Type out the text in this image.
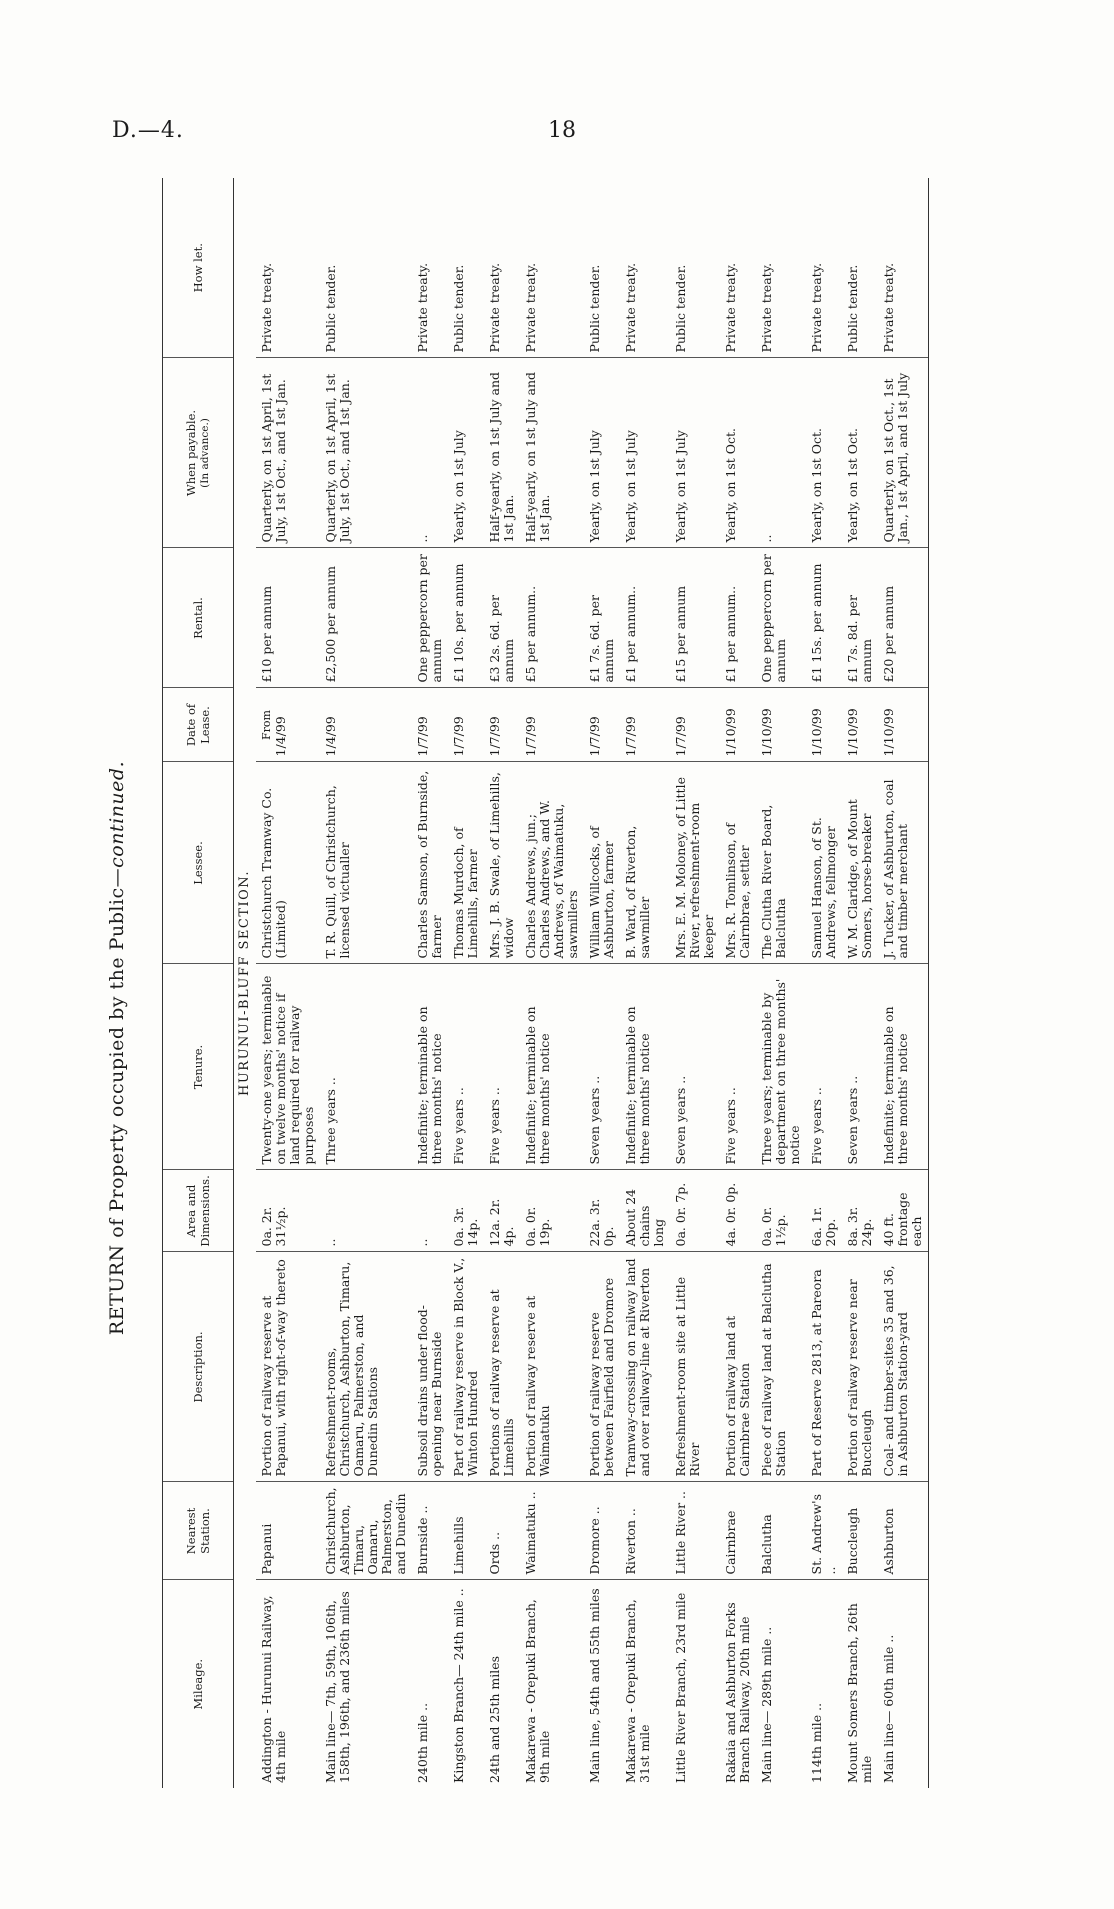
D.—4.	18
RETURN of Property occupied by the Public—continued.
Mileage.	Nearest Station.	Description.	Area and Dimensions.	Tenure.	Lessee.	Date of Lease.	Rental.	When payable. (In advance.)	How let.
HURUNUI-BLUFF SECTION.									
Addington - Hurunui Railway, 4th mile	Papanui	Portion of railway reserve at Papanui, with right-of-way thereto	0a. 2r. 31½p.	Twenty-one years; terminable on twelve months' notice if land required for railway purposes	Christchurch Tramway Co. (Limited)	From 1/4/99	£10 per annum	Quarterly, on 1st April, 1st July, 1st Oct., and 1st Jan.	Private treaty.
Main line— 7th, 59th, 106th, 158th, 196th, and 236th miles	Christchurch, Ashburton, Timaru, Oamaru, Palmerston, and Dunedin	Refreshment-rooms, Christchurch, Ashburton, Timaru, Oamaru, Palmerston, and Dunedin Stations	..	Three years ..	T. R. Quill, of Christchurch, licensed victualler	1/4/99	£2,500 per annum	Quarterly, on 1st April, 1st July, 1st Oct., and 1st Jan.	Public tender.
240th mile ..	Burnside ..	Subsoil drains under flood-opening near Burnside	..	Indefinite; terminable on three months' notice	Charles Samson, of Burnside, farmer	1/7/99	One peppercorn per annum	..	Private treaty.
Kingston Branch— 24th mile ..	Limehills	Part of railway reserve in Block V., Winton Hundred	0a. 3r. 14p.	Five years ..	Thomas Murdoch, of Limehills, farmer	1/7/99	£1 10s. per annum	Yearly, on 1st July	Public tender.
24th and 25th miles	Ords ..	Portions of railway reserve at Limehills	12a. 2r. 4p.	Five years ..	Mrs. J. B. Swale, of Limehills, widow	1/7/99	£3 2s. 6d. per annum	Half-yearly, on 1st July and 1st Jan.	Private treaty.
Makarewa - Orepuki Branch, 9th mile	Waimatuku ..	Portion of railway reserve at Waimatuku	0a. 0r. 19p.	Indefinite; terminable on three months' notice	Charles Andrews, jun.; Charles Andrews, and W. Andrews, of Waimatuku, sawmillers	1/7/99	£5 per annum..	Half-yearly, on 1st July and 1st Jan.	Private treaty.
Main line, 54th and 55th miles	Dromore ..	Portion of railway reserve between Fairfield and Dromore	22a. 3r. 0p.	Seven years ..	William Willcocks, of Ashburton, farmer	1/7/99	£1 7s. 6d. per annum	Yearly, on 1st July	Public tender.
Makarewa - Orepuki Branch, 31st mile	Riverton ..	Tramway-crossing on railway land and over railway-line at Riverton	About 24 chains long	Indefinite; terminable on three months' notice	B. Ward, of Riverton, sawmiller	1/7/99	£1 per annum..	Yearly, on 1st July	Private treaty.
Little River Branch, 23rd mile	Little River ..	Refreshment-room site at Little River	0a. 0r. 7p.	Seven years ..	Mrs. E. M. Moloney, of Little River, refreshment-room keeper	1/7/99	£15 per annum	Yearly, on 1st July	Public tender.
Rakaia and Ashburton Forks Branch Railway, 20th mile	Cairnbrae	Portion of railway land at Cairnbrae Station	4a. 0r. 0p.	Five years ..	Mrs. R. Tomlinson, of Cairnbrae, settler	1/10/99	£1 per annum..	Yearly, on 1st Oct.	Private treaty.
Main line— 289th mile ..	Balclutha	Piece of railway land at Balclutha Station	0a. 0r. 1½p.	Three years; terminable by department on three months' notice	The Clutha River Board, Balclutha	1/10/99	One peppercorn per annum	..	Private treaty.
114th mile ..	St. Andrew's ..	Part of Reserve 2813, at Pareora	6a. 1r. 20p.	Five years ..	Samuel Hanson, of St. Andrews, fellmonger	1/10/99	£1 15s. per annum	Yearly, on 1st Oct.	Private treaty.
Mount Somers Branch, 26th mile	Buccleugh	Portion of railway reserve near Buccleugh	8a. 3r. 24p.	Seven years ..	W. M. Claridge, of Mount Somers, horse-breaker	1/10/99	£1 7s. 8d. per annum	Yearly, on 1st Oct.	Public tender.
Main line— 60th mile ..	Ashburton	Coal- and timber-sites 35 and 36, in Ashburton Station-yard	40 ft. frontage each	Indefinite; terminable on three months' notice	J. Tucker, of Ashburton, coal and timber merchant	1/10/99	£20 per annum	Quarterly, on 1st Oct., 1st Jan., 1st April, and 1st July	Private treaty.
